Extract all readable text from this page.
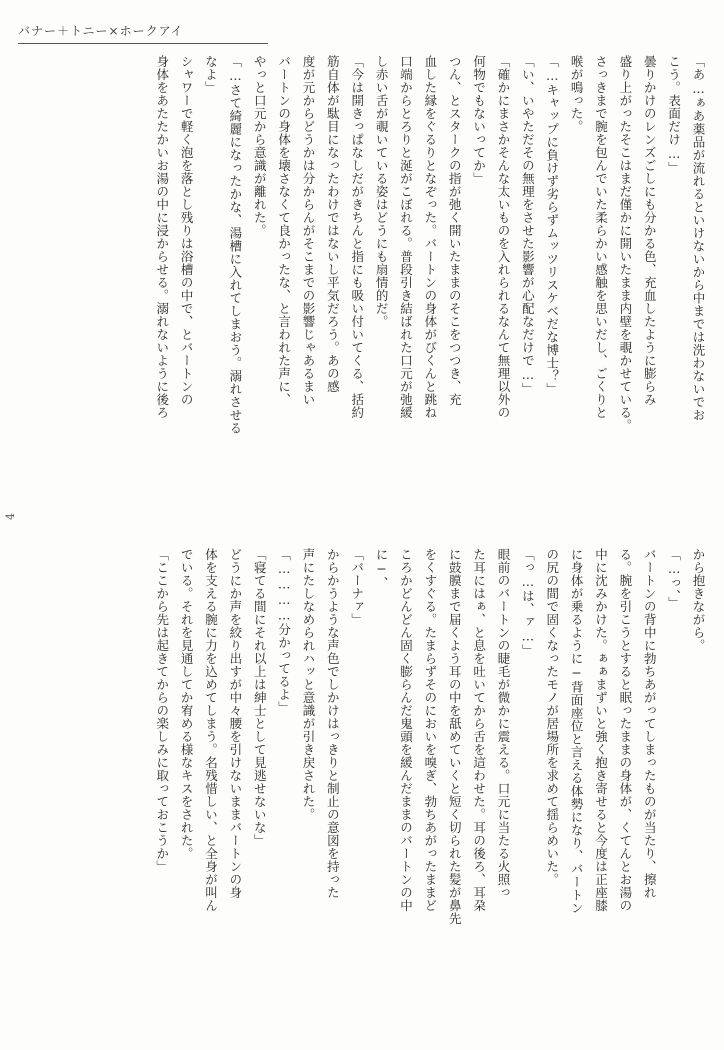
バナー＋トニー×ホークアイ
4

「あ…ぁあ薬品が流れるといけないから中までは洗わないでお

こう。表面だけ…」

曇りかけのレンズごしにも分かる色、充血したように膨らみ

盛り上がったそこはまだ僅かに開いたまま内壁を覗かせている。

さっきまで腕を包んでいた柔らかい感触を思いだし、ごくりと

喉が鳴った。

「…キャップに負けず劣らずムッツリスケベだな博士？」

「い、いやただその無理をさせた影響が心配なだけで…」

「確かにまさかそんな太いものを入れられるなんて無理以外の

何物でもないってか」

つん、とスタークの指が弛く開いたままのそこをつつき、充

血した縁をぐるりとなぞった。バートンの身体がびくんと跳ね

口端からとろりと涎がこぼれる。普段引き結ばれた口元が弛緩

し赤い舌が覗いている姿はどうにも扇情的だ。

「今は開きっぱなしだがきちんと指にも吸い付いてくる、括約

筋自体が駄目になったわけではないし平気だろう。あの感

度が元からどうかは分からんがそこまでの影響じゃあるまい

バートンの身体を壊さなくて良かったな、と言われた声に、

やっと口元から意識が離れた。

「…さて綺麗になったかな、湯槽に入れてしまおう。溺れさせる

なよ」

シャワーで軽く泡を落とし残りは浴槽の中で、とバートンの

身体をあたたかいお湯の中に浸からせる。溺れないように後ろ

から抱きながら。

「…っ、」

バートンの背中に勃ちあがってしまったものが当たり、擦れ

る。腕を引こうとすると眠ったままの身体が、くてんとお湯の

中に沈みかけた。ぁぁまずいと強く抱き寄せると今度は正座膝

に身体が乗るように−背面座位と言える体勢になり、バートン

の尻の間で固くなったモノが居場所を求めて揺らめいた。

「っ…は、ァ…」

眼前のバートンの睫毛が微かに震える。口元に当たる火照っ

た耳にはぁ、と息を吐いてから舌を這わせた。耳の後ろ、耳朶

に鼓膜まで届くよう耳の中を舐めていくと短く切られた髪が鼻先

をくすぐる。たまらずそのにおいを嗅ぎ、勃ちあがったままど

ころかどんどん固く膨らんだ鬼頭を緩んだままのバートンの中

に−、

「バーナァ」

からかうような声色でしかけはっきりと制止の意図を持った

声にたしなめられハッと意識が引き戻された。

「…………分かってるよ」

「寝てる間にそれ以上は紳士として見逃せないな」

どうにか声を絞り出すが中々腰を引けないままバートンの身

体を支える腕に力を込めてしまう。名残惜しい、と全身が叫ん

でいる。それを見通してか宥める様なキスをされた。

「ここから先は起きてからの楽しみに取っておこうか」
